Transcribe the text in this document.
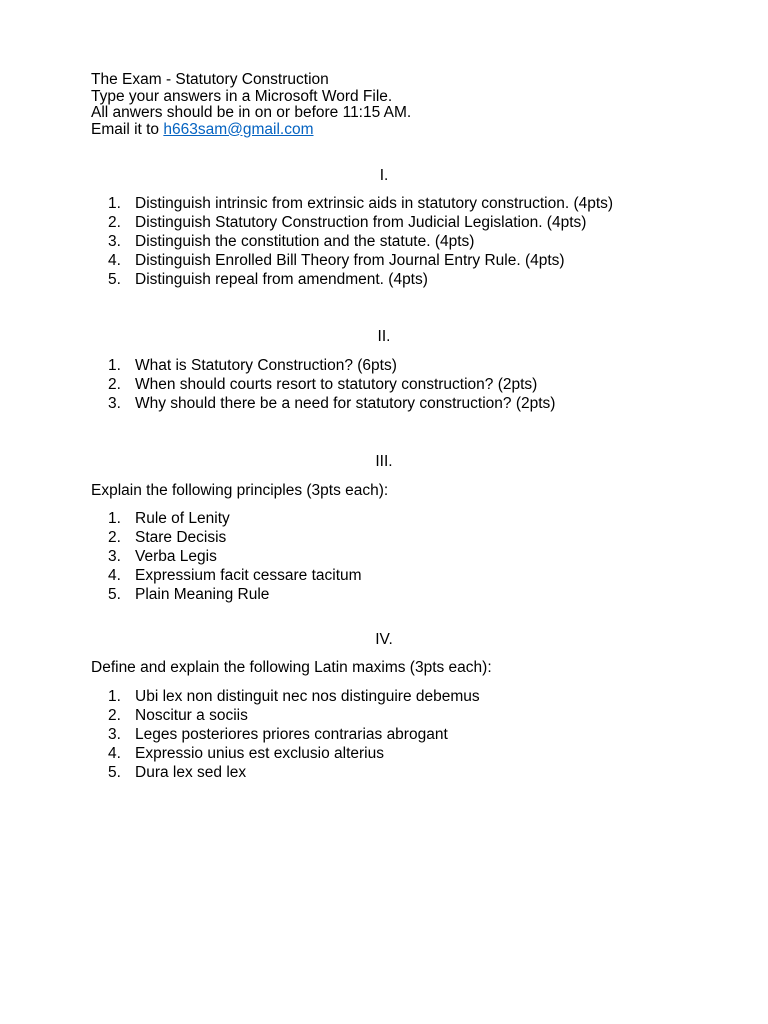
The Exam - Statutory Construction
Type your answers in a Microsoft Word File.
All anwers should be in on or before 11:15 AM.
Email it to h663sam@gmail.com
I.
1. Distinguish intrinsic from extrinsic aids in statutory construction. (4pts)
2. Distinguish Statutory Construction from Judicial Legislation. (4pts)
3. Distinguish the constitution and the statute. (4pts)
4. Distinguish Enrolled Bill Theory from Journal Entry Rule. (4pts)
5. Distinguish repeal from amendment. (4pts)
II.
1. What is Statutory Construction? (6pts)
2. When should courts resort to statutory construction? (2pts)
3. Why should there be a need for statutory construction? (2pts)
III.
Explain the following principles (3pts each):
1. Rule of Lenity
2. Stare Decisis
3. Verba Legis
4. Expressium facit cessare tacitum
5. Plain Meaning Rule
IV.
Define and explain the following Latin maxims (3pts each):
1. Ubi lex non distinguit nec nos distinguire debemus
2. Noscitur a sociis
3. Leges posteriores priores contrarias abrogant
4. Expressio unius est exclusio alterius
5. Dura lex sed lex
